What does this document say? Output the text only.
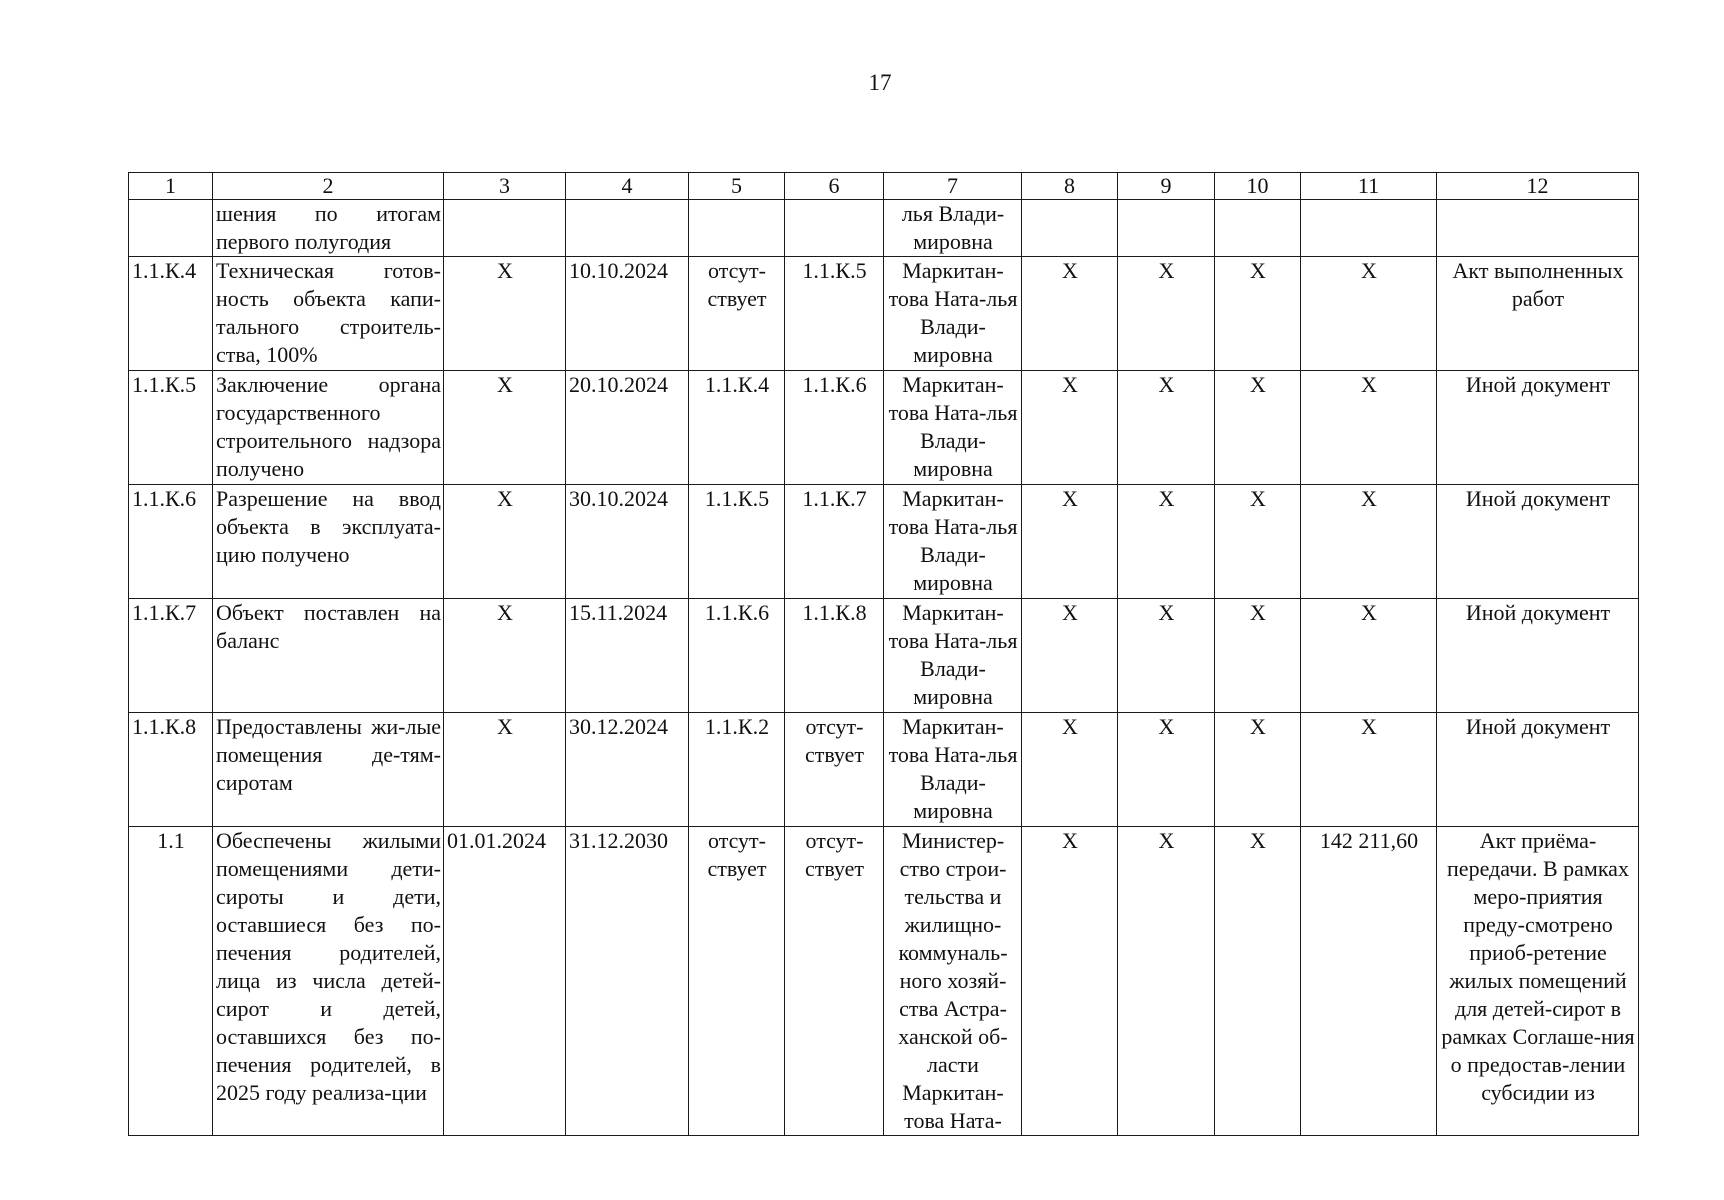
17
1	2	3	4	5	6	7	8	9	10	11	12
	шения по итогам первого полугодия					лья Влади-мировна					
1.1.К.4	Техническая готов-ность объекта капи-тального строитель-ства, 100%	X	10.10.2024	отсут-ствует	1.1.К.5	Маркитан-това Ната-лья Влади-мировна	X	X	X	X	Акт выполненных работ
1.1.К.5	Заключение органа государственного строительного надзора получено	X	20.10.2024	1.1.К.4	1.1.К.6	Маркитан-това Ната-лья Влади-мировна	X	X	X	X	Иной документ
1.1.К.6	Разрешение на ввод объекта в эксплуата-цию получено	X	30.10.2024	1.1.К.5	1.1.К.7	Маркитан-това Ната-лья Влади-мировна	X	X	X	X	Иной документ
1.1.К.7	Объект поставлен на баланс	X	15.11.2024	1.1.К.6	1.1.К.8	Маркитан-това Ната-лья Влади-мировна	X	X	X	X	Иной документ
1.1.К.8	Предоставлены жи-лые помещения де-тям-сиротам	X	30.12.2024	1.1.К.2	отсут-ствует	Маркитан-това Ната-лья Влади-мировна	X	X	X	X	Иной документ
1.1	Обеспечены жилыми помещениями дети-сироты и дети, оставшиеся без по-печения родителей, лица из числа детей-сирот и детей, оставшихся без по-печения родителей, в 2025 году реализа-ции	01.01.2024	31.12.2030	отсут-ствует	отсут-ствует	Министер-ство строи-тельства и жилищно-коммуналь-ного хозяй-ства Астра-ханской об-ласти Маркитан-това Ната-	X	X	X	142 211,60	Акт приёма-передачи. В рамках меро-приятия преду-смотрено приоб-ретение жилых помещений для детей-сирот в рамках Соглаше-ния о предостав-лении субсидии из
